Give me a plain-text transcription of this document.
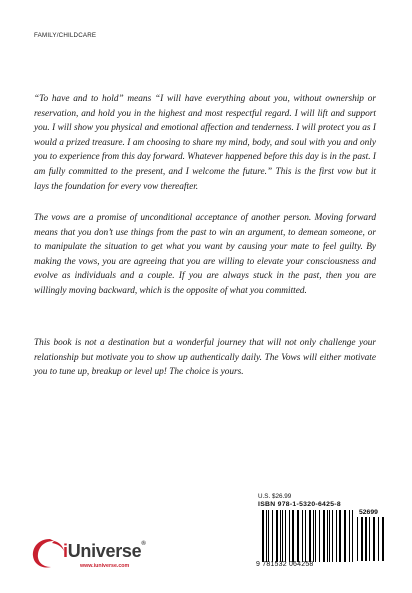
FAMILY/CHILDCARE

“To have and to hold” means “I will have everything about you, without ownership or reservation, and hold you in the highest and most respectful regard. I will lift and support you. I will show you physical and emotional affection and tenderness. I will protect you as I would a prized treasure. I am choosing to share my mind, body, and soul with you and only you to experience from this day forward. Whatever happened before this day is in the past. I am fully committed to the present, and I welcome the future.” This is the first vow but it lays the foundation for every vow thereafter.

The vows are a promise of unconditional acceptance of another person. Moving forward means that you don’t use things from the past to win an argument, to demean someone, or to manipulate the situation to get what you want by causing your mate to feel guilty. By making the vows, you are agreeing that you are willing to elevate your consciousness and evolve as individuals and a couple. If you are always stuck in the past, then you are willingly moving backward, which is the opposite of what you committed.

This book is not a destination but a wonderful journey that will not only challenge your relationship but motivate you to show up authentically daily. The Vows will either motivate you to tune up, breakup or level up! The choice is yours.

U.S. $26.99
ISBN 978-1-5320-6425-8
52699
9 781532 064258
iUniverse®
www.iuniverse.com
